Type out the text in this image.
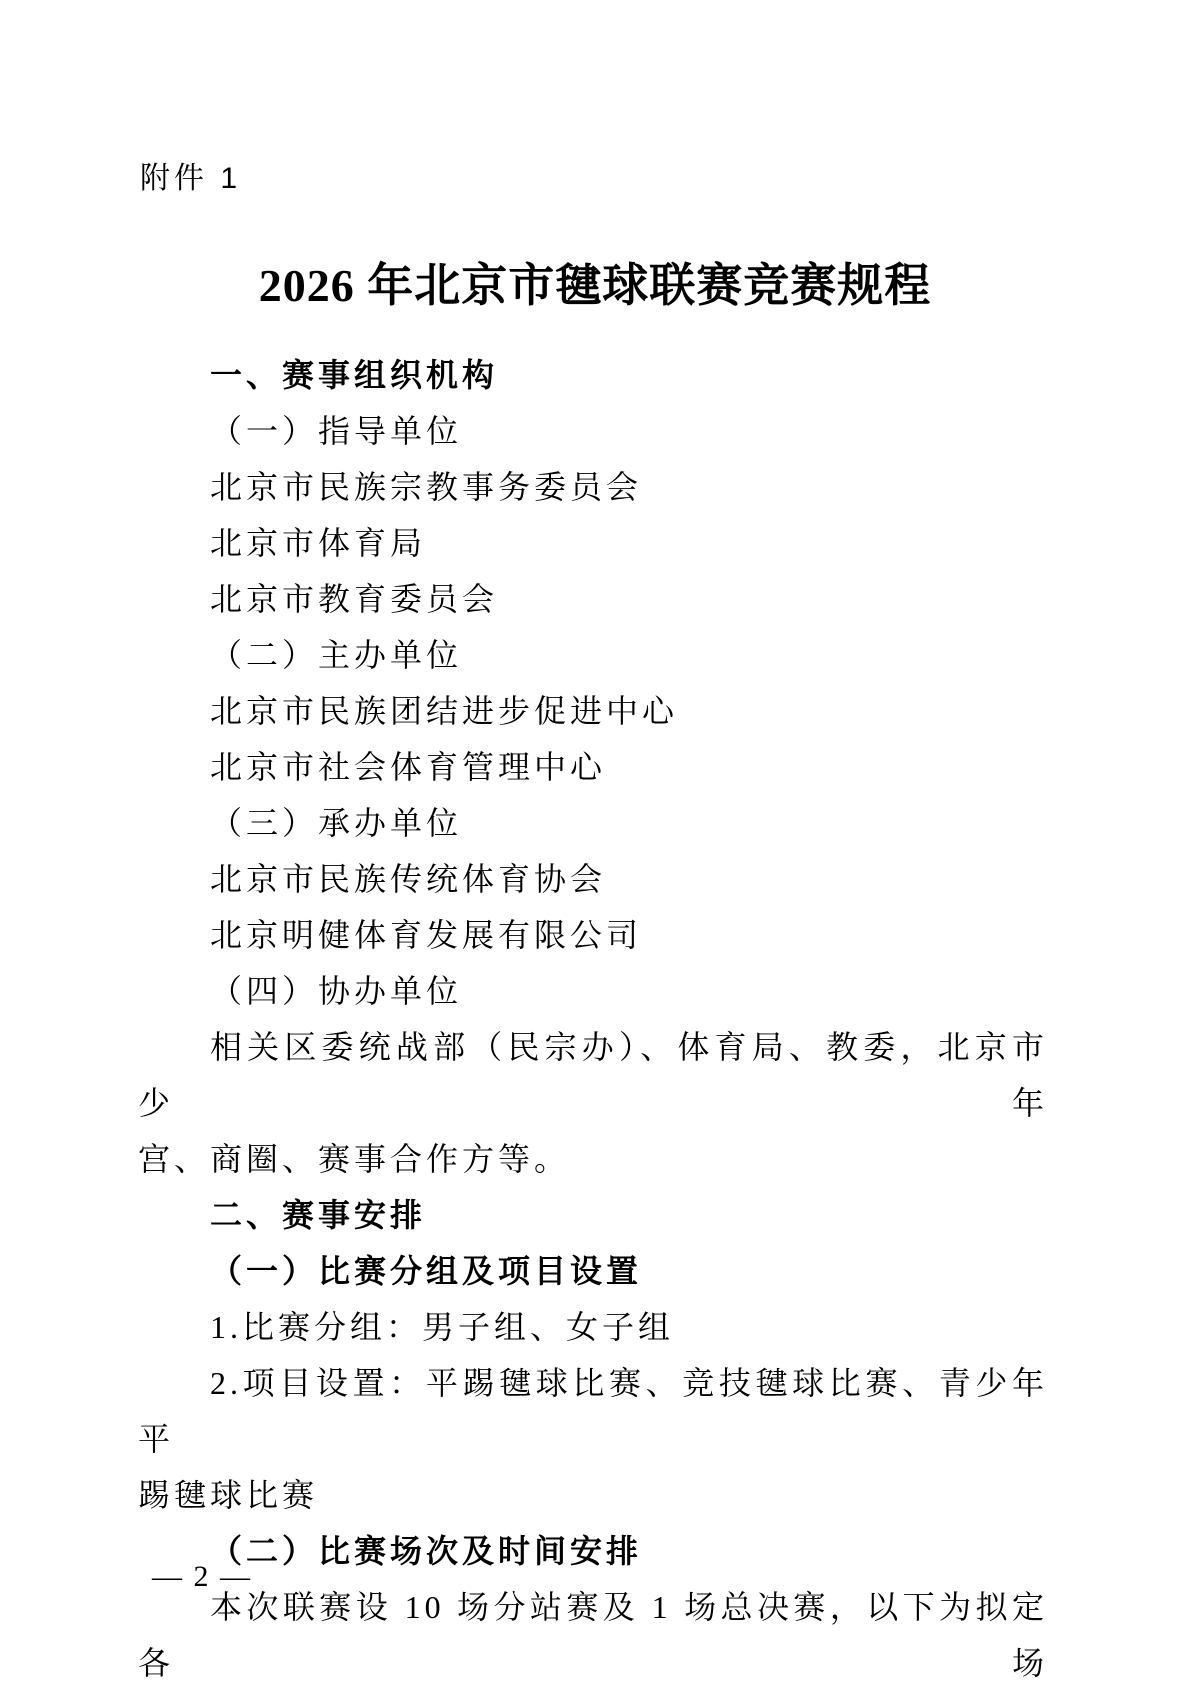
附件 1
2026 年北京市毽球联赛竞赛规程
一、赛事组织机构
（一）指导单位
北京市民族宗教事务委员会
北京市体育局
北京市教育委员会
（二）主办单位
北京市民族团结进步促进中心
北京市社会体育管理中心
（三）承办单位
北京市民族传统体育协会
北京明健体育发展有限公司
（四）协办单位
相关区委统战部（民宗办）、体育局、教委，北京市少年
宫、商圈、赛事合作方等。
二、赛事安排
（一）比赛分组及项目设置
1.比赛分组：男子组、女子组
2.项目设置：平踢毽球比赛、竞技毽球比赛、青少年平
踢毽球比赛
（二）比赛场次及时间安排
本次联赛设 10 场分站赛及 1 场总决赛，以下为拟定各场
— 2 —
